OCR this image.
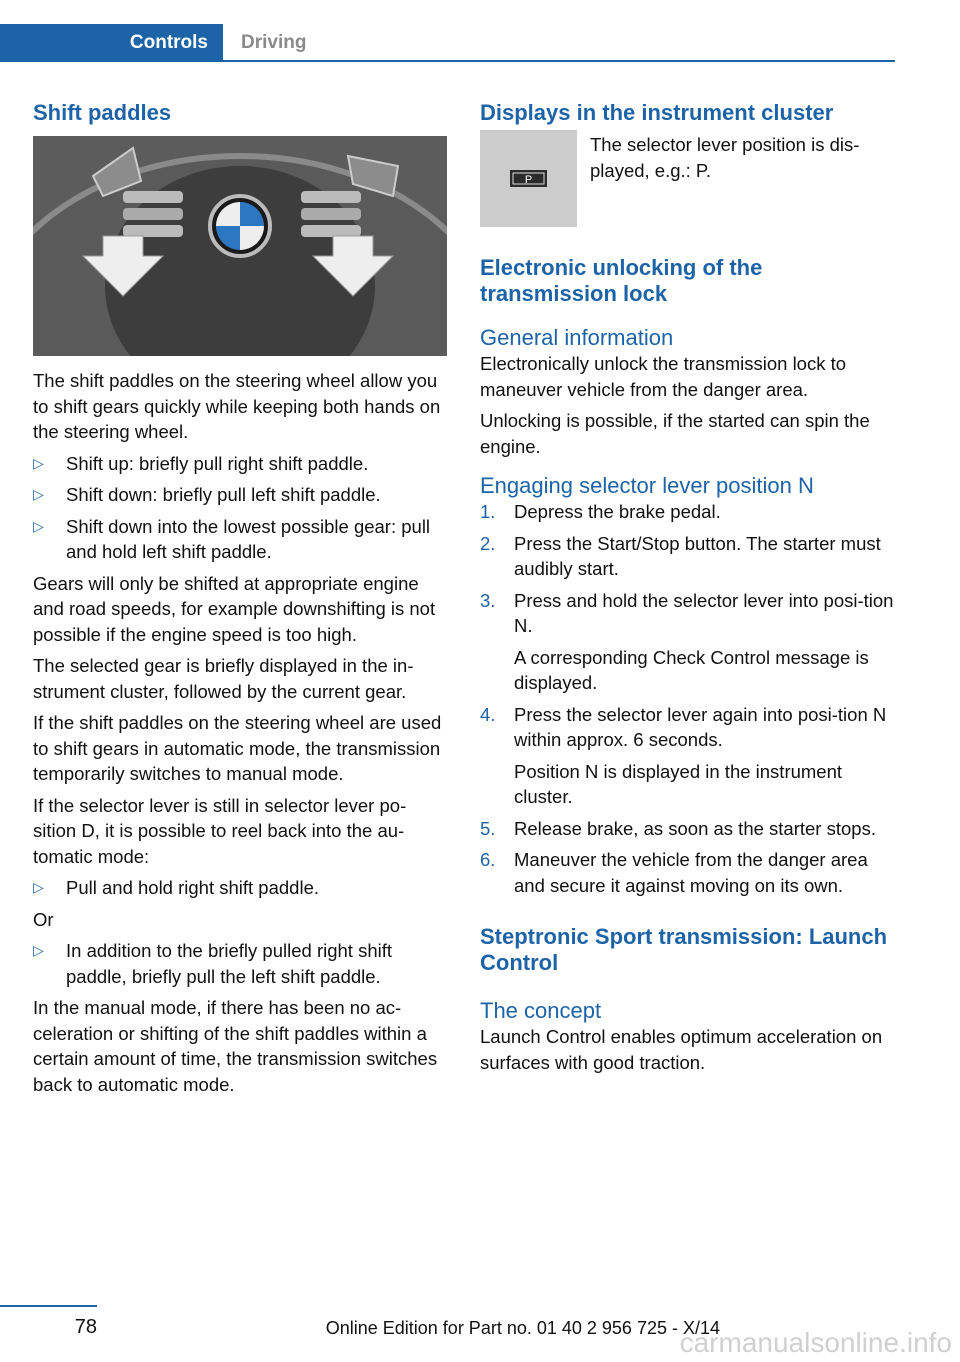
Controls	Driving
Shift paddles

The shift paddles on the steering wheel allow you to shift gears quickly while keeping both hands on the steering wheel.

▷ Shift up: briefly pull right shift paddle.
▷ Shift down: briefly pull left shift paddle.
▷ Shift down into the lowest possible gear: pull and hold left shift paddle.

Gears will only be shifted at appropriate engine and road speeds, for example downshifting is not possible if the engine speed is too high.

The selected gear is briefly displayed in the in-strument cluster, followed by the current gear.

If the shift paddles on the steering wheel are used to shift gears in automatic mode, the transmission temporarily switches to manual mode.

If the selector lever is still in selector lever po-sition D, it is possible to reel back into the au-tomatic mode:

▷ Pull and hold right shift paddle.

Or

▷ In addition to the briefly pulled right shift paddle, briefly pull the left shift paddle.

In the manual mode, if there has been no ac-celeration or shifting of the shift paddles within a certain amount of time, the transmission switches back to automatic mode.

Displays in the instrument cluster
P
The selector lever position is dis-played, e.g.: P.
Electronic unlocking of the transmission lock
General information

Electronically unlock the transmission lock to maneuver vehicle from the danger area.

Unlocking is possible, if the started can spin the engine.

Engaging selector lever position N
1. Depress the brake pedal.
2. Press the Start/Stop button. The starter must audibly start.
3. Press and hold the selector lever into posi-tion N.
A corresponding Check Control message is displayed.
4. Press the selector lever again into posi-tion N within approx. 6 seconds.
Position N is displayed in the instrument cluster.
5. Release brake, as soon as the starter stops.
6. Maneuver the vehicle from the danger area and secure it against moving on its own.
Steptronic Sport transmission: Launch Control
The concept

Launch Control enables optimum acceleration on surfaces with good traction.

78	Online Edition for Part no. 01 40 2 956 725 - X/14
carmanualsonline.info
